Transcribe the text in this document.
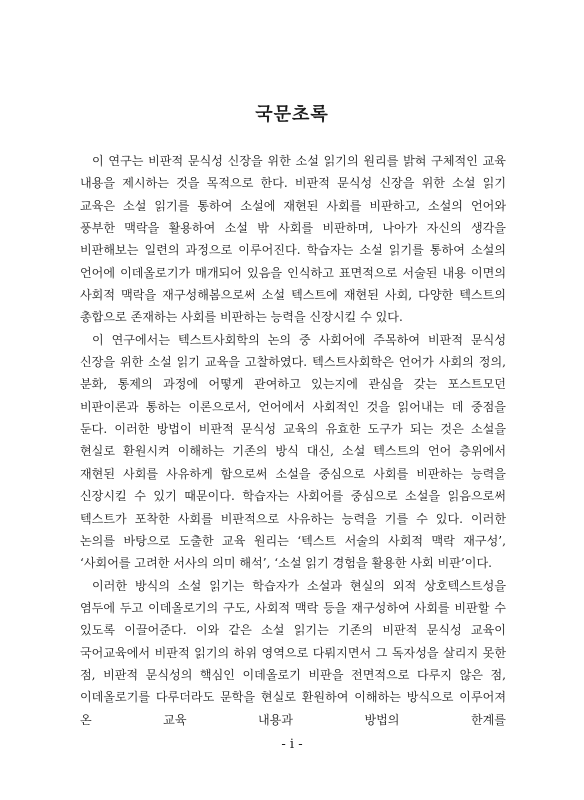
국문초록

이 연구는 비판적 문식성 신장을 위한 소설 읽기의 원리를 밝혀 구체적인 교육 내용을 제시하는 것을 목적으로 한다. 비판적 문식성 신장을 위한 소설 읽기 교육은 소설 읽기를 통하여 소설에 재현된 사회를 비판하고, 소설의 언어와 풍부한 맥락을 활용하여 소설 밖 사회를 비판하며, 나아가 자신의 생각을 비판해보는 일련의 과정으로 이루어진다. 학습자는 소설 읽기를 통하여 소설의 언어에 이데올로기가 매개되어 있음을 인식하고 표면적으로 서술된 내용 이면의 사회적 맥락을 재구성해봄으로써 소설 텍스트에 재현된 사회, 다양한 텍스트의 총합으로 존재하는 사회를 비판하는 능력을 신장시킬 수 있다.

이 연구에서는 텍스트사회학의 논의 중 사회어에 주목하여 비판적 문식성 신장을 위한 소설 읽기 교육을 고찰하였다. 텍스트사회학은 언어가 사회의 정의, 분화, 통제의 과정에 어떻게 관여하고 있는지에 관심을 갖는 포스트모던 비판이론과 통하는 이론으로서, 언어에서 사회적인 것을 읽어내는 데 중점을 둔다. 이러한 방법이 비판적 문식성 교육의 유효한 도구가 되는 것은 소설을 현실로 환원시켜 이해하는 기존의 방식 대신, 소설 텍스트의 언어 층위에서 재현된 사회를 사유하게 함으로써 소설을 중심으로 사회를 비판하는 능력을 신장시킬 수 있기 때문이다. 학습자는 사회어를 중심으로 소설을 읽음으로써 텍스트가 포착한 사회를 비판적으로 사유하는 능력을 기를 수 있다. 이러한 논의를 바탕으로 도출한 교육 원리는 ‘텍스트 서술의 사회적 맥락 재구성’, ‘사회어를 고려한 서사의 의미 해석’, ‘소설 읽기 경험을 활용한 사회 비판’이다.

이러한 방식의 소설 읽기는 학습자가 소설과 현실의 외적 상호텍스트성을 염두에 두고 이데올로기의 구도, 사회적 맥락 등을 재구성하여 사회를 비판할 수 있도록 이끌어준다. 이와 같은 소설 읽기는 기존의 비판적 문식성 교육이 국어교육에서 비판적 읽기의 하위 영역으로 다뤄지면서 그 독자성을 살리지 못한 점, 비판적 문식성의 핵심인 이데올로기 비판을 전면적으로 다루지 않은 점, 이데올로기를 다루더라도 문학을 현실로 환원하여 이해하는 방식으로 이루어져 온 교육 내용과 방법의 한계를

- i -
